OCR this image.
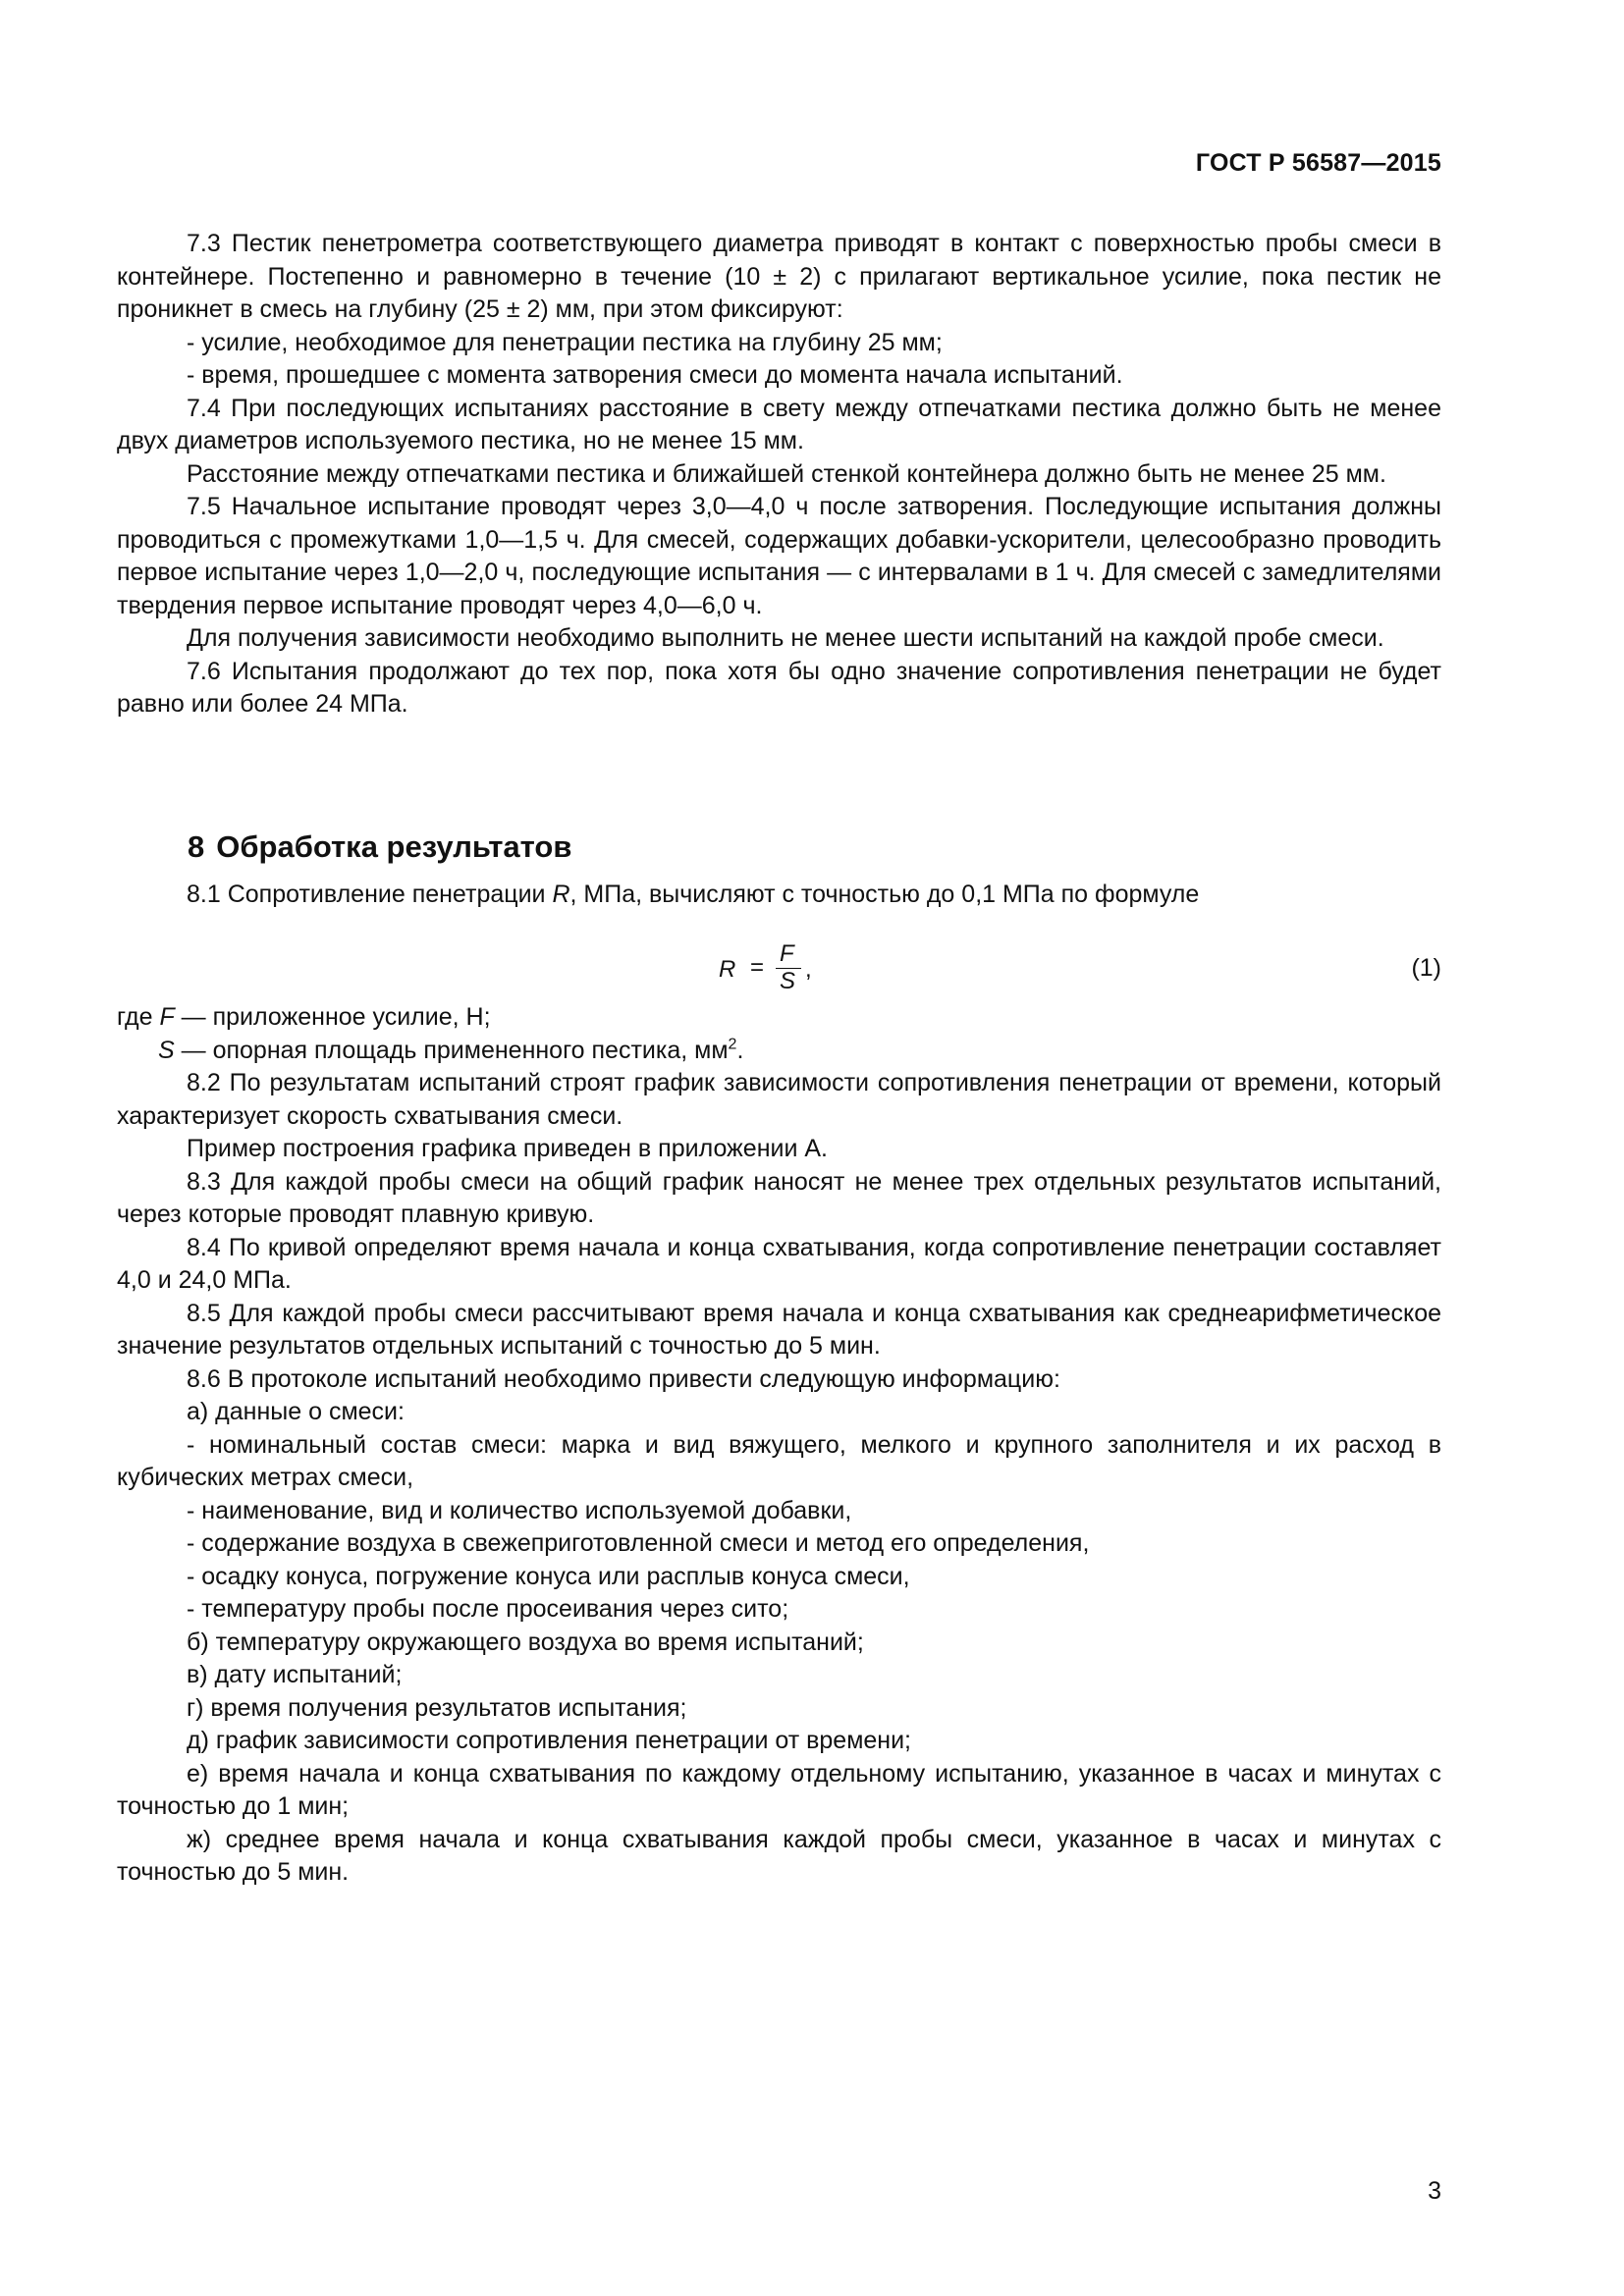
ГОСТ Р 56587—2015

7.3 Пестик пенетрометра соответствующего диаметра приводят в контакт с поверхностью пробы смеси в контейнере. Постепенно и равномерно в течение (10 ± 2) с прилагают вертикальное усилие, пока пестик не проникнет в смесь на глубину (25 ± 2) мм, при этом фиксируют:

- усилие, необходимое для пенетрации пестика на глубину 25 мм;

- время, прошедшее с момента затворения смеси до момента начала испытаний.

7.4 При последующих испытаниях расстояние в свету между отпечатками пестика должно быть не менее двух диаметров используемого пестика, но не менее 15 мм.

Расстояние между отпечатками пестика и ближайшей стенкой контейнера должно быть не менее 25 мм.

7.5 Начальное испытание проводят через 3,0—4,0 ч после затворения. Последующие испытания должны проводиться с промежутками 1,0—1,5 ч. Для смесей, содержащих добавки-ускорители, целесообразно проводить первое испытание через 1,0—2,0 ч, последующие испытания — с интервалами в 1 ч. Для смесей с замедлителями твердения первое испытание проводят через 4,0—6,0 ч.

Для получения зависимости необходимо выполнить не менее шести испытаний на каждой пробе смеси.

7.6 Испытания продолжают до тех пор, пока хотя бы одно значение сопротивления пенетрации не будет равно или более 24 МПа.

8 Обработка результатов

8.1 Сопротивление пенетрации R, МПа, вычисляют с точностью до 0,1 МПа по формуле

R =
F
S ,	(1)

где F — приложенное усилие, Н;

S — опорная площадь примененного пестика, $мм^2$.

8.2 По результатам испытаний строят график зависимости сопротивления пенетрации от времени, который характеризует скорость схватывания смеси.

Пример построения графика приведен в приложении А.

8.3 Для каждой пробы смеси на общий график наносят не менее трех отдельных результатов испытаний, через которые проводят плавную кривую.

8.4 По кривой определяют время начала и конца схватывания, когда сопротивление пенетрации составляет 4,0 и 24,0 МПа.

8.5 Для каждой пробы смеси рассчитывают время начала и конца схватывания как среднеарифметическое значение результатов отдельных испытаний с точностью до 5 мин.

8.6 В протоколе испытаний необходимо привести следующую информацию:

а) данные о смеси:

- номинальный состав смеси: марка и вид вяжущего, мелкого и крупного заполнителя и их расход в кубических метрах смеси,

- наименование, вид и количество используемой добавки,

- содержание воздуха в свежеприготовленной смеси и метод его определения,

- осадку конуса, погружение конуса или расплыв конуса смеси,

- температуру пробы после просеивания через сито;

б) температуру окружающего воздуха во время испытаний;

в) дату испытаний;

г) время получения результатов испытания;

д) график зависимости сопротивления пенетрации от времени;

е) время начала и конца схватывания по каждому отдельному испытанию, указанное в часах и минутах с точностью до 1 мин;

ж) среднее время начала и конца схватывания каждой пробы смеси, указанное в часах и минутах с точностью до 5 мин.

3
